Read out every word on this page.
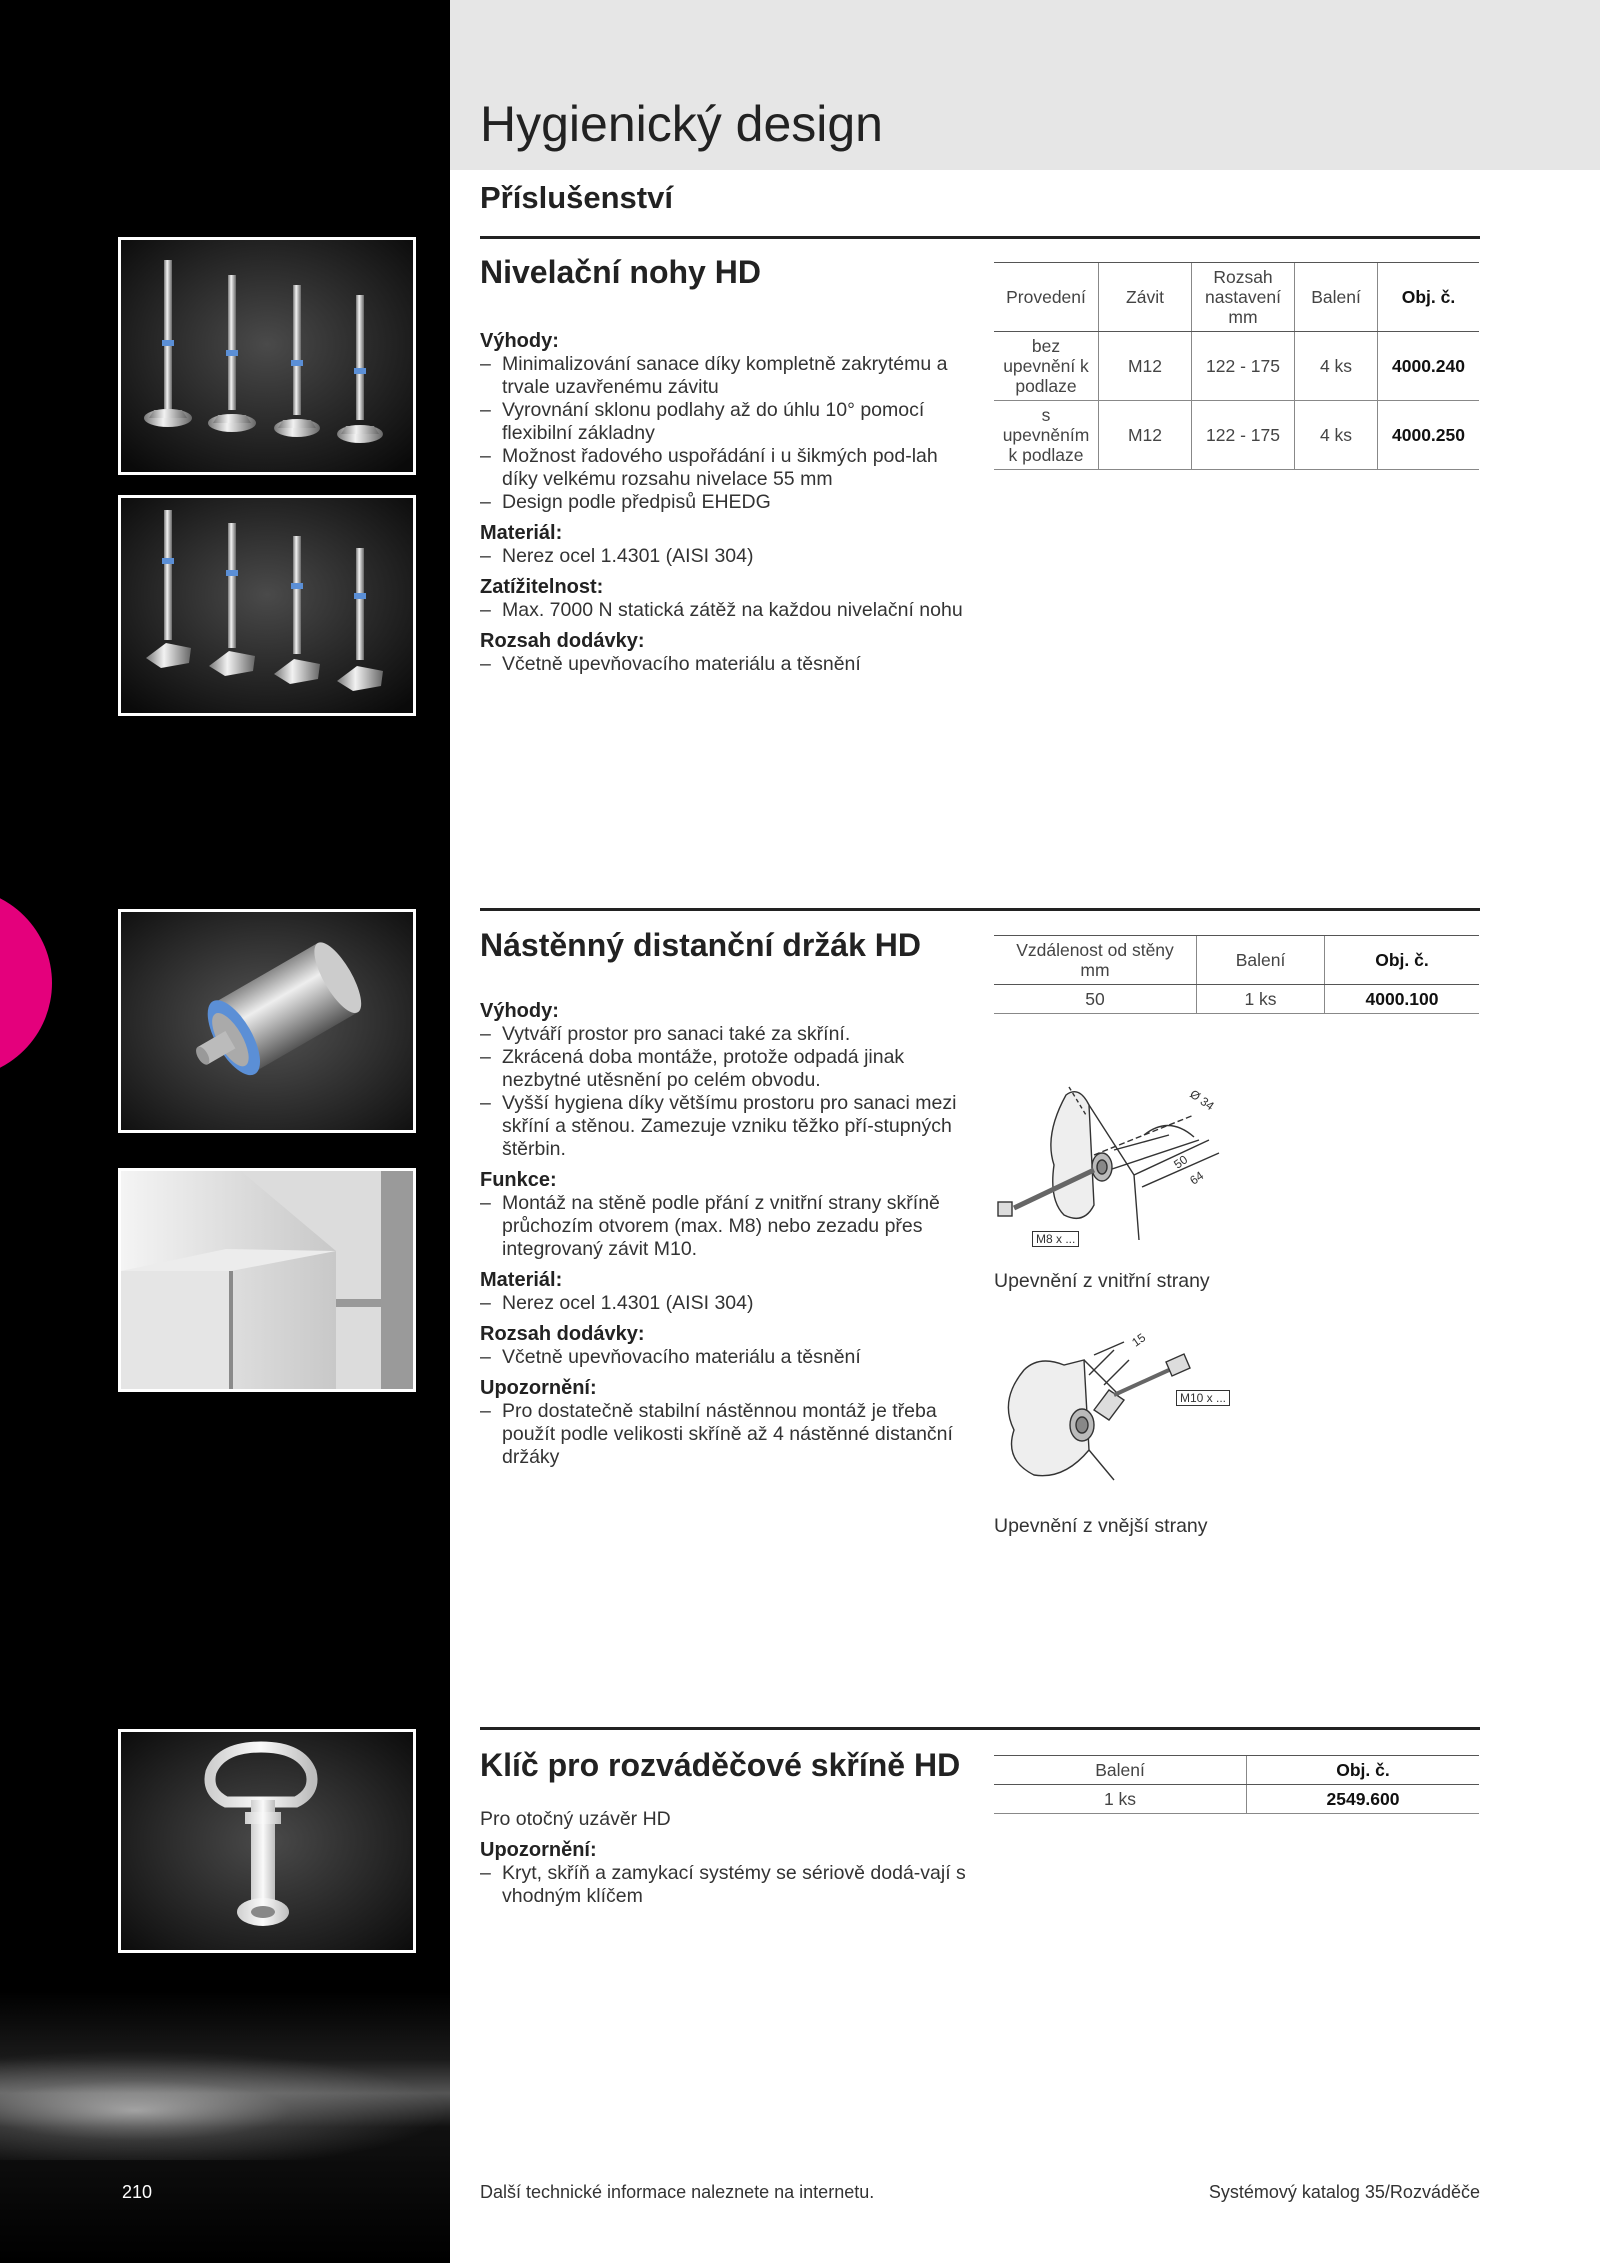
Hygienický design
Příslušenství
Nivelační nohy HD
Výhody:
– Minimalizování sanace díky kompletně zakrytému a trvale uzavřenému závitu
– Vyrovnání sklonu podlahy až do úhlu 10° pomocí flexibilní základny
– Možnost řadového uspořádání i u šikmých pod-lah díky velkému rozsahu nivelace 55 mm
– Design podle předpisů EHEDG
Materiál:
– Nerez ocel 1.4301 (AISI 304)
Zatížitelnost:
– Max. 7000 N statická zátěž na každou nivelační nohu
Rozsah dodávky:
– Včetně upevňovacího materiálu a těsnění
Provedení	Závit	Rozsah nastavení mm	Balení	Obj. č.
bez upevnění k podlaze	M12	122 - 175	4 ks	4000.240
s upevněním k podlaze	M12	122 - 175	4 ks	4000.250
Nástěnný distanční držák HD
Výhody:
– Vytváří prostor pro sanaci také za skříní.
– Zkrácená doba montáže, protože odpadá jinak nezbytné utěsnění po celém obvodu.
– Vyšší hygiena díky většímu prostoru pro sanaci mezi skříní a stěnou. Zamezuje vzniku těžko pří-stupných štěrbin.
Funkce:
– Montáž na stěně podle přání z vnitřní strany skříně průchozím otvorem (max. M8) nebo zezadu přes integrovaný závit M10.
Materiál:
– Nerez ocel 1.4301 (AISI 304)
Rozsah dodávky:
– Včetně upevňovacího materiálu a těsnění
Upozornění:
– Pro dostatečně stabilní nástěnnou montáž je třeba použít podle velikosti skříně až 4 nástěnné distanční držáky
Vzdálenost od stěny mm	Balení	Obj. č.
50	1 ks	4000.100
Ø 34
50
64
M8 x ...
Upevnění z vnitřní strany
15
M10 x ...
Upevnění z vnější strany
Klíč pro rozváděčové skříně HD

Pro otočný uzávěr HD

Upozornění:
– Kryt, skříň a zamykací systémy se sériově dodá-vají s vhodným klíčem
Balení	Obj. č.
1 ks	2549.600
210	Další technické informace naleznete na internetu.	Systémový katalog 35/Rozváděče
